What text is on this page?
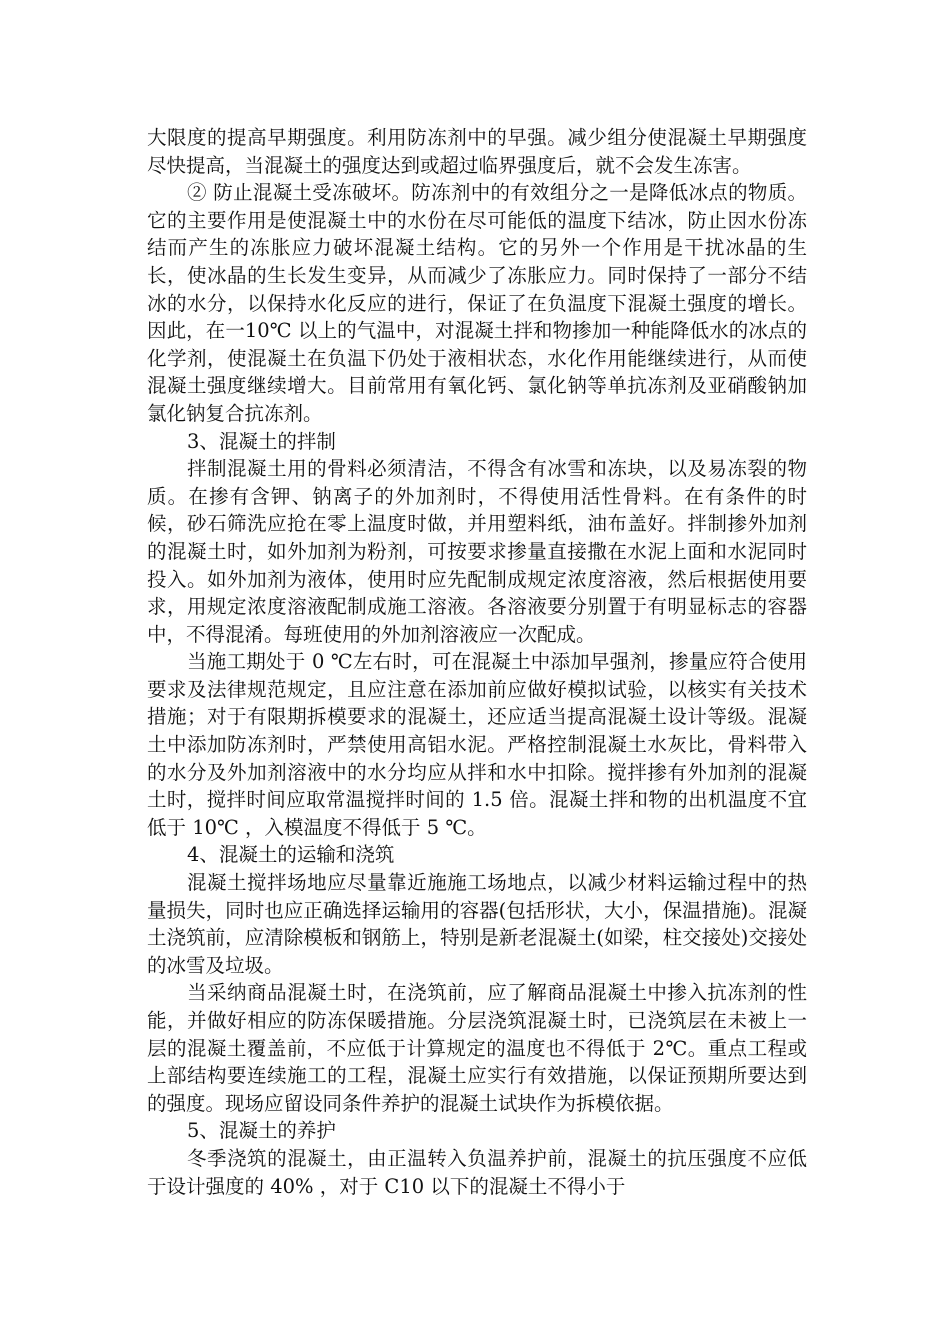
大限度的提高早期强度。利用防冻剂中的早强。减少组分使混凝土早期强度尽快提高，当混凝土的强度达到或超过临界强度后，就不会发生冻害。

② 防止混凝土受冻破坏。防冻剂中的有效组分之一是降低冰点的物质。它的主要作用是使混凝土中的水份在尽可能低的温度下结冰，防止因水份冻结而产生的冻胀应力破坏混凝土结构。它的另外一个作用是干扰冰晶的生长，使冰晶的生长发生变异，从而减少了冻胀应力。同时保持了一部分不结冰的水分，以保持水化反应的进行，保证了在负温度下混凝土强度的增长。因此，在一10℃ 以上的气温中，对混凝土拌和物掺加一种能降低水的冰点的化学剂，使混凝土在负温下仍处于液相状态，水化作用能继续进行，从而使混凝土强度继续增大。目前常用有氧化钙、氯化钠等单抗冻剂及亚硝酸钠加氯化钠复合抗冻剂。

3、混凝土的拌制

拌制混凝土用的骨料必须清洁，不得含有冰雪和冻块，以及易冻裂的物质。在掺有含钾、钠离子的外加剂时，不得使用活性骨料。在有条件的时候，砂石筛洗应抢在零上温度时做，并用塑料纸，油布盖好。拌制掺外加剂的混凝土时，如外加剂为粉剂，可按要求掺量直接撒在水泥上面和水泥同时投入。如外加剂为液体，使用时应先配制成规定浓度溶液，然后根据使用要求，用规定浓度溶液配制成施工溶液。各溶液要分别置于有明显标志的容器中，不得混淆。每班使用的外加剂溶液应一次配成。

当施工期处于 0 ℃左右时，可在混凝土中添加早强剂，掺量应符合使用要求及法律规范规定，且应注意在添加前应做好模拟试验，以核实有关技术措施；对于有限期拆模要求的混凝土，还应适当提高混凝土设计等级。混凝土中添加防冻剂时，严禁使用高铝水泥。严格控制混凝土水灰比，骨料带入的水分及外加剂溶液中的水分均应从拌和水中扣除。搅拌掺有外加剂的混凝土时，搅拌时间应取常温搅拌时间的 1.5 倍。混凝土拌和物的出机温度不宜低于 10℃ ，入模温度不得低于 5 ℃。

4、混凝土的运输和浇筑

混凝土搅拌场地应尽量靠近施施工场地点，以减少材料运输过程中的热量损失，同时也应正确选择运输用的容器(包括形状，大小，保温措施)。混凝土浇筑前，应清除模板和钢筋上，特别是新老混凝土(如梁，柱交接处)交接处的冰雪及垃圾。

当采纳商品混凝土时，在浇筑前，应了解商品混凝土中掺入抗冻剂的性能，并做好相应的防冻保暖措施。分层浇筑混凝土时，已浇筑层在未被上一层的混凝土覆盖前，不应低于计算规定的温度也不得低于 2℃。重点工程或上部结构要连续施工的工程，混凝土应实行有效措施，以保证预期所要达到的强度。现场应留设同条件养护的混凝土试块作为拆模依据。

5、混凝土的养护

冬季浇筑的混凝土，由正温转入负温养护前，混凝土的抗压强度不应低于设计强度的 40% ，对于 C10 以下的混凝土不得小于
